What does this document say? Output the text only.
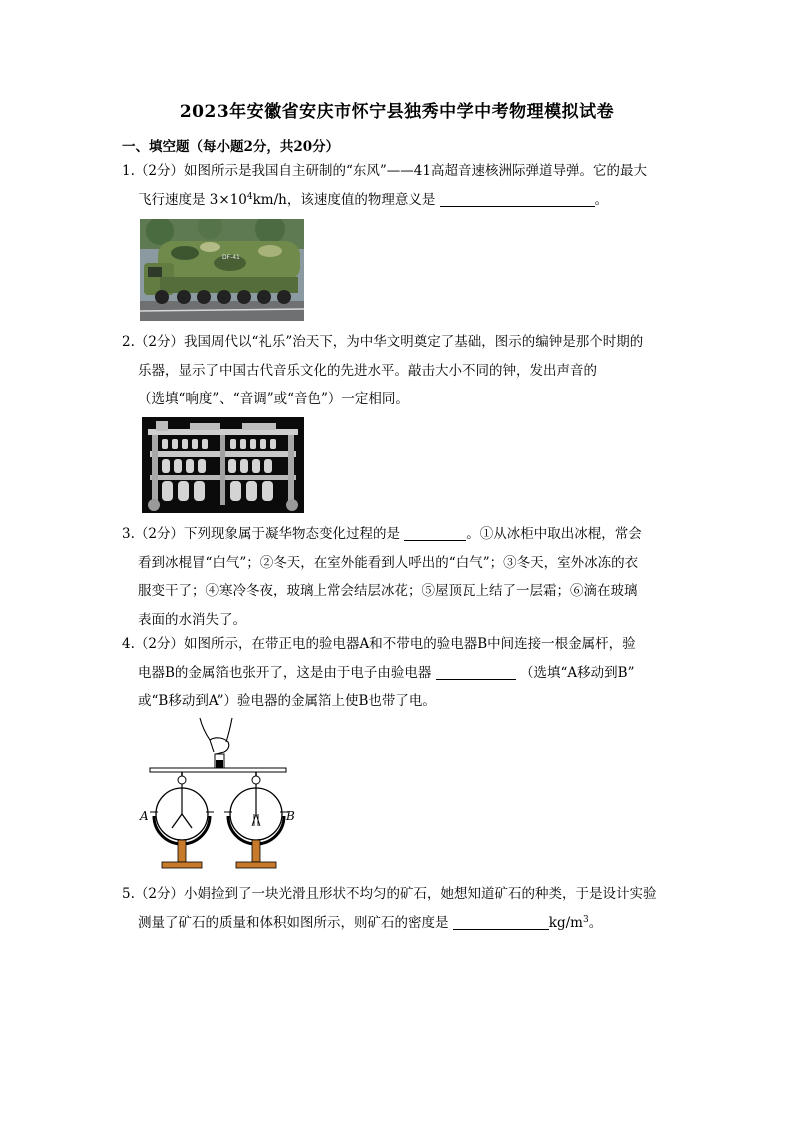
2023年安徽省安庆市怀宁县独秀中学中考物理模拟试卷
一、填空题（每小题2分，共20分）
1.（2分）如图所示是我国自主研制的“东风”——41高超音速核洲际弹道导弹。它的最大
飞行速度是 $3\times 10^4km/h$，该速度值的物理意义是	。
DF-41
2.（2分）我国周代以“礼乐”治天下，为中华文明奠定了基础，图示的编钟是那个时期的
乐器，显示了中国古代音乐文化的先进水平。敲击大小不同的钟，发出声音的
（选填“响度”、“音调”或“音色”）一定相同。
3.（2分）下列现象属于凝华物态变化过程的是	。①从冰柜中取出冰棍，常会
看到冰棍冒“白气”；②冬天，在室外能看到人呼出的“白气”；③冬天，室外冰冻的衣
服变干了；④寒冷冬夜，玻璃上常会结层冰花；⑤屋顶瓦上结了一层霜；⑥滴在玻璃
表面的水消失了。
4.（2分）如图所示，在带正电的验电器A和不带电的验电器B中间连接一根金属杆，验
电器B的金属箔也张开了，这是由于电子由验电器	（选填“A移动到B”
或“B移动到A”）验电器的金属箔上使B也带了电。
A	B
5.（2分）小娟捡到了一块光滑且形状不均匀的矿石，她想知道矿石的种类，于是设计实验
测量了矿石的质量和体积如图所示，则矿石的密度是	$kg/m^3$。
